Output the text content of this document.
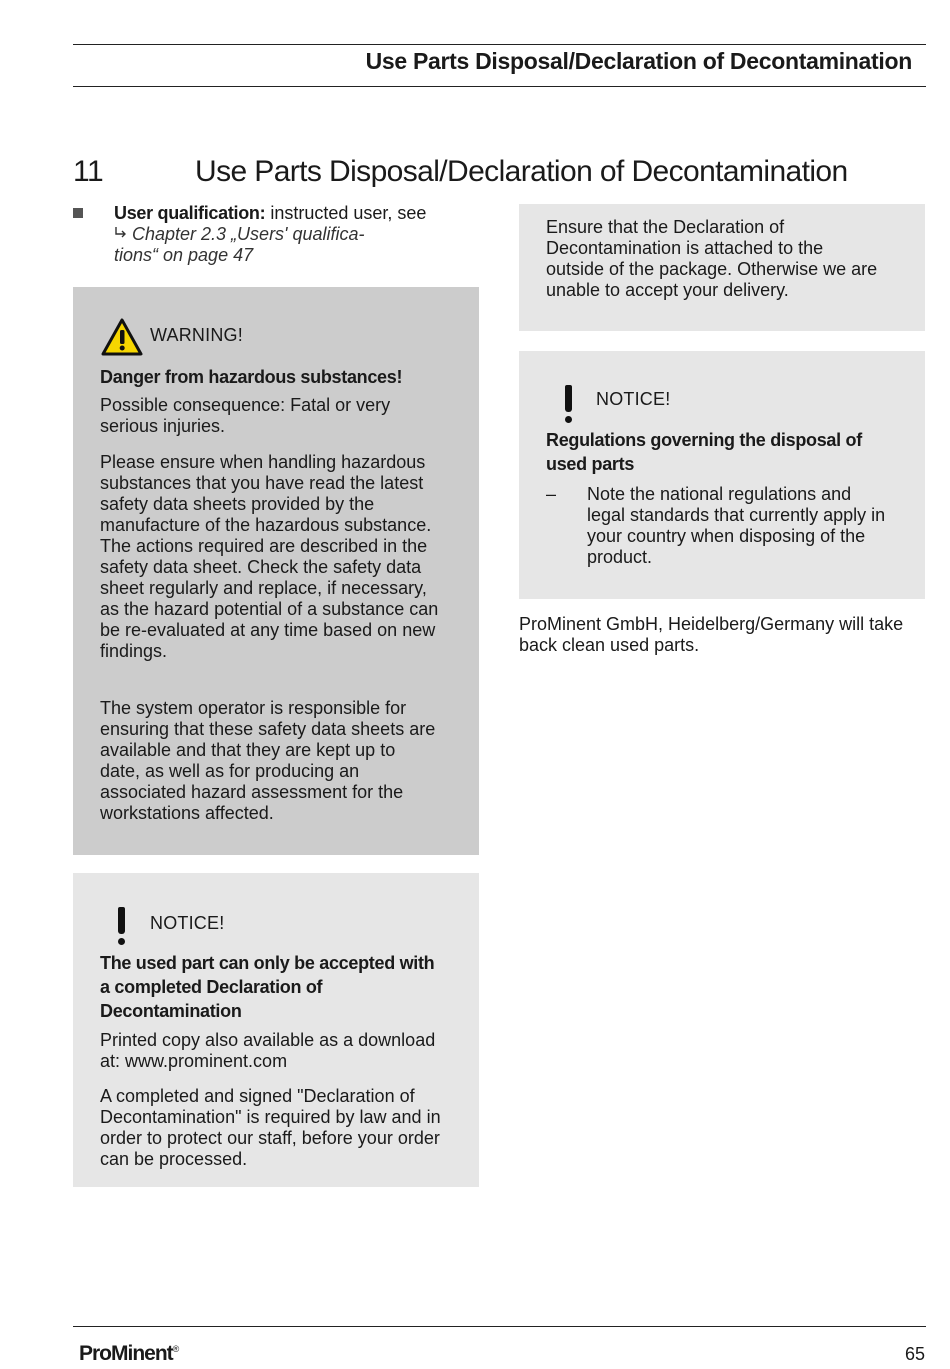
Use Parts Disposal/Declaration of Decontamination
11	Use Parts Disposal/Declaration of Decontamination
User qualification: instructed user, see
Chapter 2.3 „Users' qualifica-
tions“ on page 47
WARNING!
Danger from hazardous substances!

Possible consequence: Fatal or very serious injuries.

Please ensure when handling hazardous substances that you have read the latest safety data sheets provided by the manufacture of the hazardous substance. The actions required are described in the safety data sheet. Check the safety data sheet regularly and replace, if necessary, as the hazard potential of a substance can be re-evaluated at any time based on new findings.

The system operator is responsible for ensuring that these safety data sheets are available and that they are kept up to date, as well as for producing an associated hazard assessment for the workstations affected.

NOTICE!
The used part can only be accepted with a completed Declaration of Decontamination

Printed copy also available as a download at: www.prominent.com

A completed and signed "Declaration of Decontamination" is required by law and in order to protect our staff, before your order can be processed.

Ensure that the Declaration of Decontamination is attached to the outside of the package. Otherwise we are unable to accept your delivery.

NOTICE!
Regulations governing the disposal of used parts
– Note the national regulations and legal standards that currently apply in your country when disposing of the product.
ProMinent GmbH, Heidelberg/Germany will take back clean used parts.
ProMinent®	65
